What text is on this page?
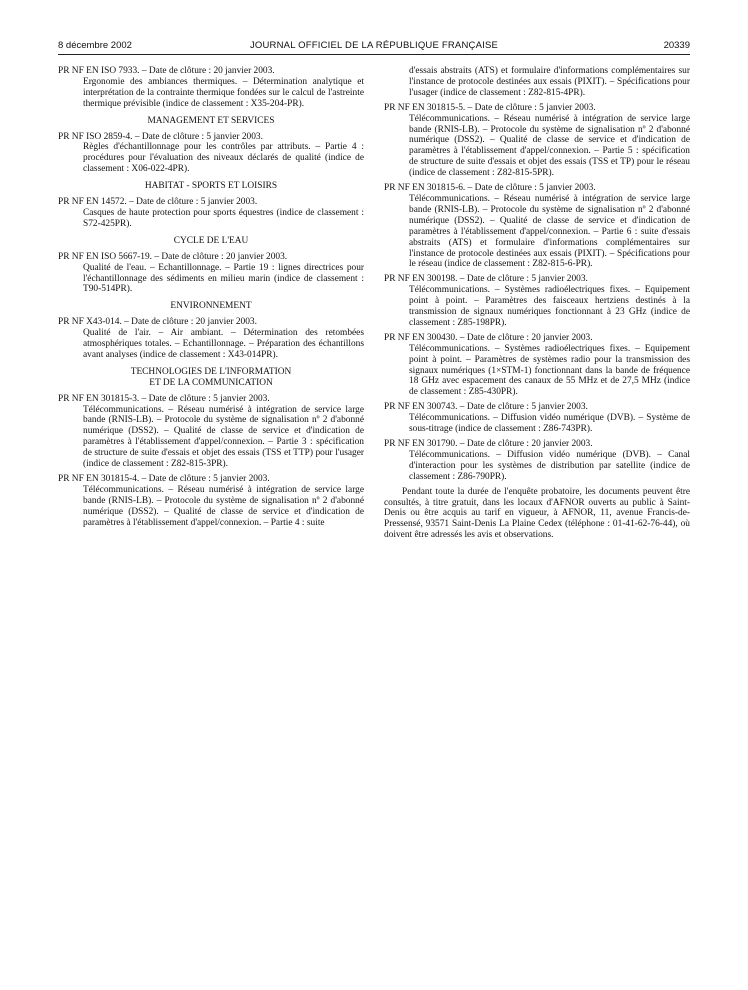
8 décembre 2002	JOURNAL OFFICIEL DE LA RÉPUBLIQUE FRANÇAISE	20339
PR NF EN ISO 7933. – Date de clôture : 20 janvier 2003.
Ergonomie des ambiances thermiques. – Détermination analytique et interprétation de la contrainte thermique fondées sur le calcul de l'astreinte thermique prévisible (indice de classement : X35-204-PR).
MANAGEMENT ET SERVICES
PR NF ISO 2859-4. – Date de clôture : 5 janvier 2003.
Règles d'échantillonnage pour les contrôles par attributs. – Partie 4 : procédures pour l'évaluation des niveaux déclarés de qualité (indice de classement : X06-022-4PR).
HABITAT - SPORTS ET LOISIRS
PR NF EN 14572. – Date de clôture : 5 janvier 2003.
Casques de haute protection pour sports équestres (indice de classement : S72-425PR).
CYCLE DE L'EAU
PR NF EN ISO 5667-19. – Date de clôture : 20 janvier 2003.
Qualité de l'eau. – Echantillonnage. – Partie 19 : lignes directrices pour l'échantillonnage des sédiments en milieu marin (indice de classement : T90-514PR).
ENVIRONNEMENT
PR NF X43-014. – Date de clôture : 20 janvier 2003.
Qualité de l'air. – Air ambiant. – Détermination des retombées atmosphériques totales. – Echantillonnage. – Préparation des échantillons avant analyses (indice de classement : X43-014PR).
TECHNOLOGIES DE L'INFORMATION
ET DE LA COMMUNICATION
PR NF EN 301815-3. – Date de clôture : 5 janvier 2003.
Télécommunications. – Réseau numérisé à intégration de service large bande (RNIS-LB). – Protocole du système de signalisation nº 2 d'abonné numérique (DSS2). – Qualité de classe de service et d'indication de paramètres à l'établissement d'appel/connexion. – Partie 3 : spécification de structure de suite d'essais et objet des essais (TSS et TTP) pour l'usager (indice de classement : Z82-815-3PR).
PR NF EN 301815-4. – Date de clôture : 5 janvier 2003.
Télécommunications. – Réseau numérisé à intégration de service large bande (RNIS-LB). – Protocole du système de signalisation nº 2 d'abonné numérique (DSS2). – Qualité de classe de service et d'indication de paramètres à l'établissement d'appel/connexion. – Partie 4 : suite
d'essais abstraits (ATS) et formulaire d'informations complémentaires sur l'instance de protocole destinées aux essais (PIXIT). – Spécifications pour l'usager (indice de classement : Z82-815-4PR).
PR NF EN 301815-5. – Date de clôture : 5 janvier 2003.
Télécommunications. – Réseau numérisé à intégration de service large bande (RNIS-LB). – Protocole du système de signalisation nº 2 d'abonné numérique (DSS2). – Qualité de classe de service et d'indication de paramètres à l'établissement d'appel/connexion. – Partie 5 : spécification de structure de suite d'essais et objet des essais (TSS et TP) pour le réseau (indice de classement : Z82-815-5PR).
PR NF EN 301815-6. – Date de clôture : 5 janvier 2003.
Télécommunications. – Réseau numérisé à intégration de service large bande (RNIS-LB). – Protocole du système de signalisation nº 2 d'abonné numérique (DSS2). – Qualité de classe de service et d'indication de paramètres à l'établissement d'appel/connexion. – Partie 6 : suite d'essais abstraits (ATS) et formulaire d'informations complémentaires sur l'instance de protocole destinées aux essais (PIXIT). – Spécifications pour le réseau (indice de classement : Z82-815-6-PR).
PR NF EN 300198. – Date de clôture : 5 janvier 2003.
Télécommunications. – Systèmes radioélectriques fixes. – Equipement point à point. – Paramètres des faisceaux hertziens destinés à la transmission de signaux numériques fonctionnant à 23 GHz (indice de classement : Z85-198PR).
PR NF EN 300430. – Date de clôture : 20 janvier 2003.
Télécommunications. – Systèmes radioélectriques fixes. – Equipement point à point. – Paramètres de systèmes radio pour la transmission des signaux numériques (1×STM-1) fonctionnant dans la bande de fréquence 18 GHz avec espacement des canaux de 55 MHz et de 27,5 MHz (indice de classement : Z85-430PR).
PR NF EN 300743. – Date de clôture : 5 janvier 2003.
Télécommunications. – Diffusion vidéo numérique (DVB). – Système de sous-titrage (indice de classement : Z86-743PR).
PR NF EN 301790. – Date de clôture : 20 janvier 2003.
Télécommunications. – Diffusion vidéo numérique (DVB). – Canal d'interaction pour les systèmes de distribution par satellite (indice de classement : Z86-790PR).

Pendant toute la durée de l'enquête probatoire, les documents peuvent être consultés, à titre gratuit, dans les locaux d'AFNOR ouverts au public à Saint-Denis ou être acquis au tarif en vigueur, à AFNOR, 11, avenue Francis-de-Pressensé, 93571 Saint-Denis La Plaine Cedex (téléphone : 01-41-62-76-44), où doivent être adressés les avis et observations.
